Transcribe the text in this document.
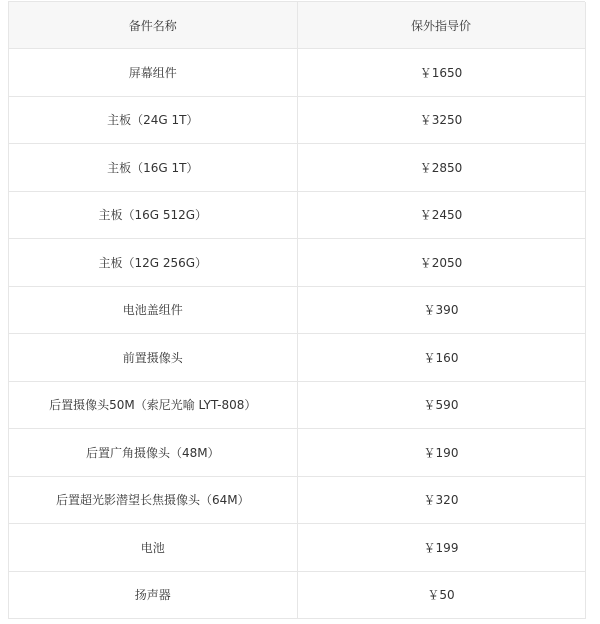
备件名称	保外指导价
屏幕组件	￥1650
主板（24G 1T）	￥3250
主板（16G 1T）	￥2850
主板（16G 512G）	￥2450
主板（12G 256G）	￥2050
电池盖组件	￥390
前置摄像头	￥160
后置摄像头50M（索尼光喻 LYT-808）	￥590
后置广角摄像头（48M）	￥190
后置超光影潜望长焦摄像头（64M）	￥320
电池	￥199
扬声器	￥50
